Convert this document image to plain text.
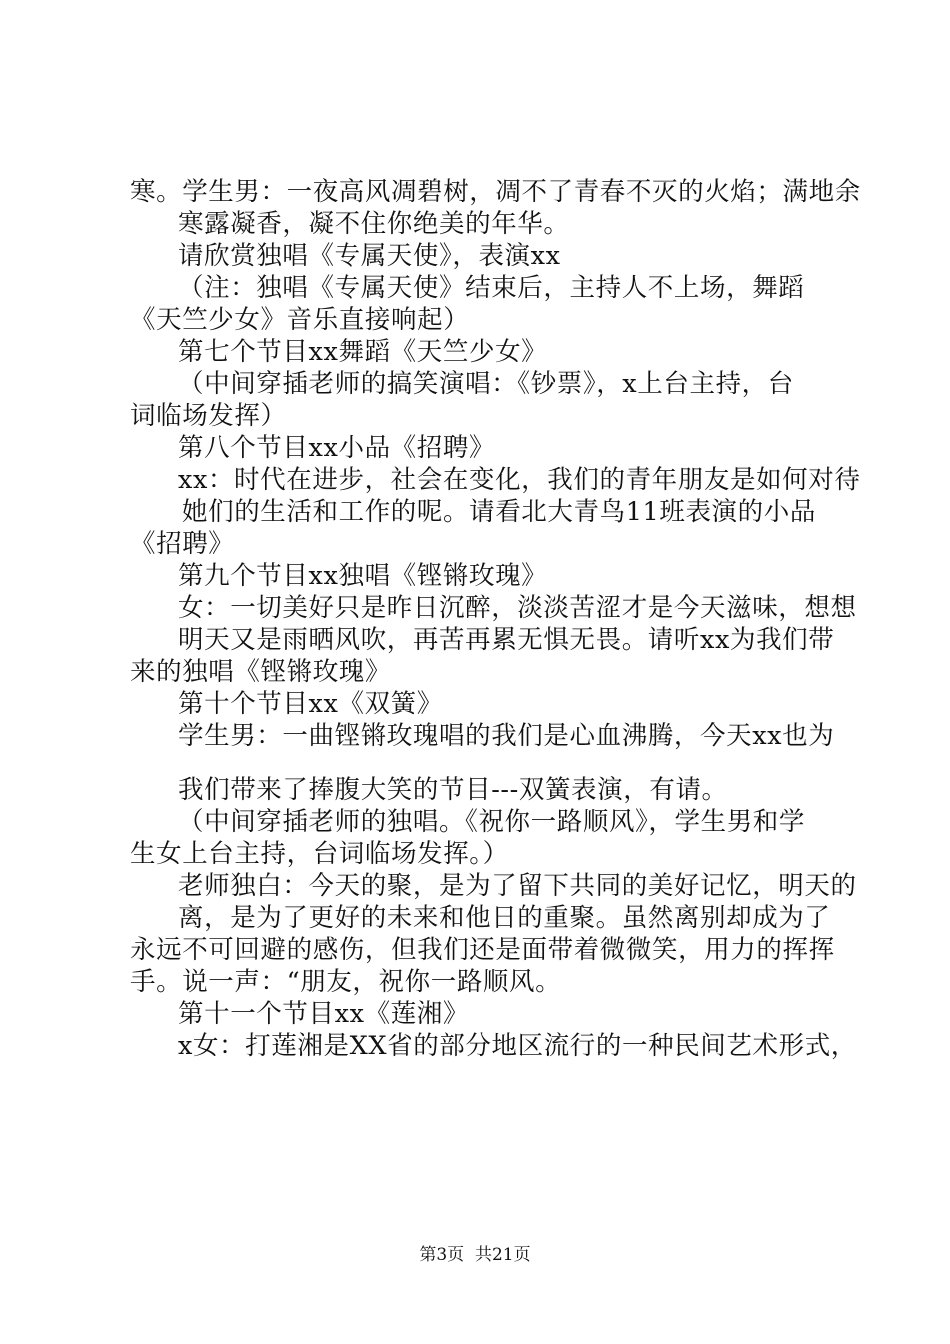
寒。学生男：一夜高风凋碧树，凋不了青春不灭的火焰；满地余
寒露凝香，凝不住你绝美的年华。
请欣赏独唱《专属天使》，表演xx
（注：独唱《专属天使》结束后，主持人不上场，舞蹈
《天竺少女》音乐直接响起）
第七个节目xx舞蹈《天竺少女》
（中间穿插老师的搞笑演唱：《钞票》，x上台主持，台
词临场发挥）
第八个节目xx小品《招聘》
xx：时代在进步，社会在变化，我们的青年朋友是如何对待
她们的生活和工作的呢。请看北大青鸟11班表演的小品
《招聘》
第九个节目xx独唱《铿锵玫瑰》
女：一切美好只是昨日沉醉，淡淡苦涩才是今天滋味，想想
明天又是雨晒风吹，再苦再累无惧无畏。请听xx为我们带
来的独唱《铿锵玫瑰》
第十个节目xx《双簧》
学生男：一曲铿锵玫瑰唱的我们是心血沸腾，今天xx也为
我们带来了捧腹大笑的节目---双簧表演，有请。
（中间穿插老师的独唱。《祝你一路顺风》，学生男和学
生女上台主持，台词临场发挥。）
老师独白：今天的聚，是为了留下共同的美好记忆，明天的
离，是为了更好的未来和他日的重聚。虽然离别却成为了
永远不可回避的感伤，但我们还是面带着微微笑，用力的挥挥
手。说一声：“朋友，祝你一路顺风。
第十一个节目xx《莲湘》
x女：打莲湘是XX省的部分地区流行的一种民间艺术形式，
第3页  共21页
